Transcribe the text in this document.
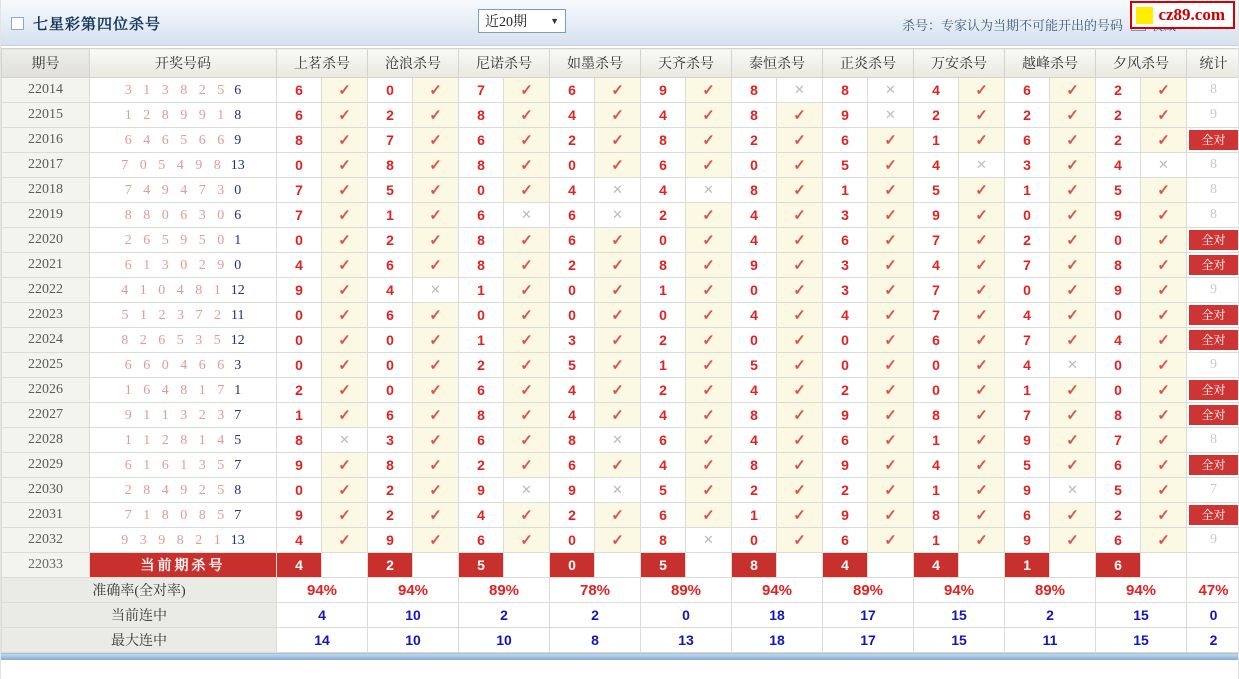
七星彩第四位杀号	近20期	▼	杀号：专家认为当期不可能开出的号码
cz89.com
期号	开奖号码	上茗杀号		沧浪杀号		尼诺杀号		如墨杀号		天齐杀号		泰恒杀号		正炎杀号		万安杀号		越峰杀号		夕风杀号		统计
22014	3 1 3 8 2 5 6	6	✓	0	✓	7	✓	6	✓	9	✓	8	✕	8	✕	4	✓	6	✓	2	✓	8
22015	1 2 8 9 9 1 8	6	✓	2	✓	8	✓	4	✓	4	✓	8	✓	9	✕	2	✓	2	✓	2	✓	9
22016	6 4 6 5 6 6 9	8	✓	7	✓	6	✓	2	✓	8	✓	2	✓	6	✓	1	✓	6	✓	2	✓	全对

22017	7 0 5 4 9 8 13	0	✓	8	✓	8	✓	0	✓	6	✓	0	✓	5	✓	4	✕	3	✓	4	✕	8
22018	7 4 9 4 7 3 0	7	✓	5	✓	0	✓	4	✕	4	✕	8	✓	1	✓	5	✓	1	✓	5	✓	8
22019	8 8 0 6 3 0 6	7	✓	1	✓	6	✕	6	✕	2	✓	4	✓	3	✓	9	✓	0	✓	9	✓	8
22020	2 6 5 9 5 0 1	0	✓	2	✓	8	✓	6	✓	0	✓	4	✓	6	✓	7	✓	2	✓	0	✓	全对

22021	6 1 3 0 2 9 0	4	✓	6	✓	8	✓	2	✓	8	✓	9	✓	3	✓	4	✓	7	✓	8	✓	全对

22022	4 1 0 4 8 1 12	9	✓	4	✕	1	✓	0	✓	1	✓	0	✓	3	✓	7	✓	0	✓	9	✓	9
22023	5 1 2 3 7 2 11	0	✓	6	✓	0	✓	0	✓	0	✓	4	✓	4	✓	7	✓	4	✓	0	✓	全对

22024	8 2 6 5 3 5 12	0	✓	0	✓	1	✓	3	✓	2	✓	0	✓	0	✓	6	✓	7	✓	4	✓	全对

22025	6 6 0 4 6 6 3	0	✓	0	✓	2	✓	5	✓	1	✓	5	✓	0	✓	0	✓	4	✕	0	✓	9
22026	1 6 4 8 1 7 1	2	✓	0	✓	6	✓	4	✓	2	✓	4	✓	2	✓	0	✓	1	✓	0	✓	全对

22027	9 1 1 3 2 3 7	1	✓	6	✓	8	✓	4	✓	4	✓	8	✓	9	✓	8	✓	7	✓	8	✓	全对

22028	1 1 2 8 1 4 5	8	✕	3	✓	6	✓	8	✕	6	✓	4	✓	6	✓	1	✓	9	✓	7	✓	8
22029	6 1 6 1 3 5 7	9	✓	8	✓	2	✓	6	✓	4	✓	8	✓	9	✓	4	✓	5	✓	6	✓	全对

22030	2 8 4 9 2 5 8	0	✓	2	✓	9	✕	9	✕	5	✓	2	✓	2	✓	1	✓	9	✕	5	✓	7
22031	7 1 8 0 8 5 7	9	✓	2	✓	4	✓	2	✓	6	✓	1	✓	9	✓	8	✓	6	✓	2	✓	全对

22032	9 3 9 8 2 1 13	4	✓	9	✓	6	✓	0	✓	8	✕	0	✓	6	✓	1	✓	9	✓	6	✓	9
22033	当前期杀号	4		2		5		0		5		8		4		4		1		6		
准确率(全对率)		94%		94%		89%		78%		89%		94%		89%		94%		89%		94%		47%
当前连中		4		10		2		2		0		18		17		15		2		15		0
最大连中		14		10		10		8		13		18		17		15		11		15		2
